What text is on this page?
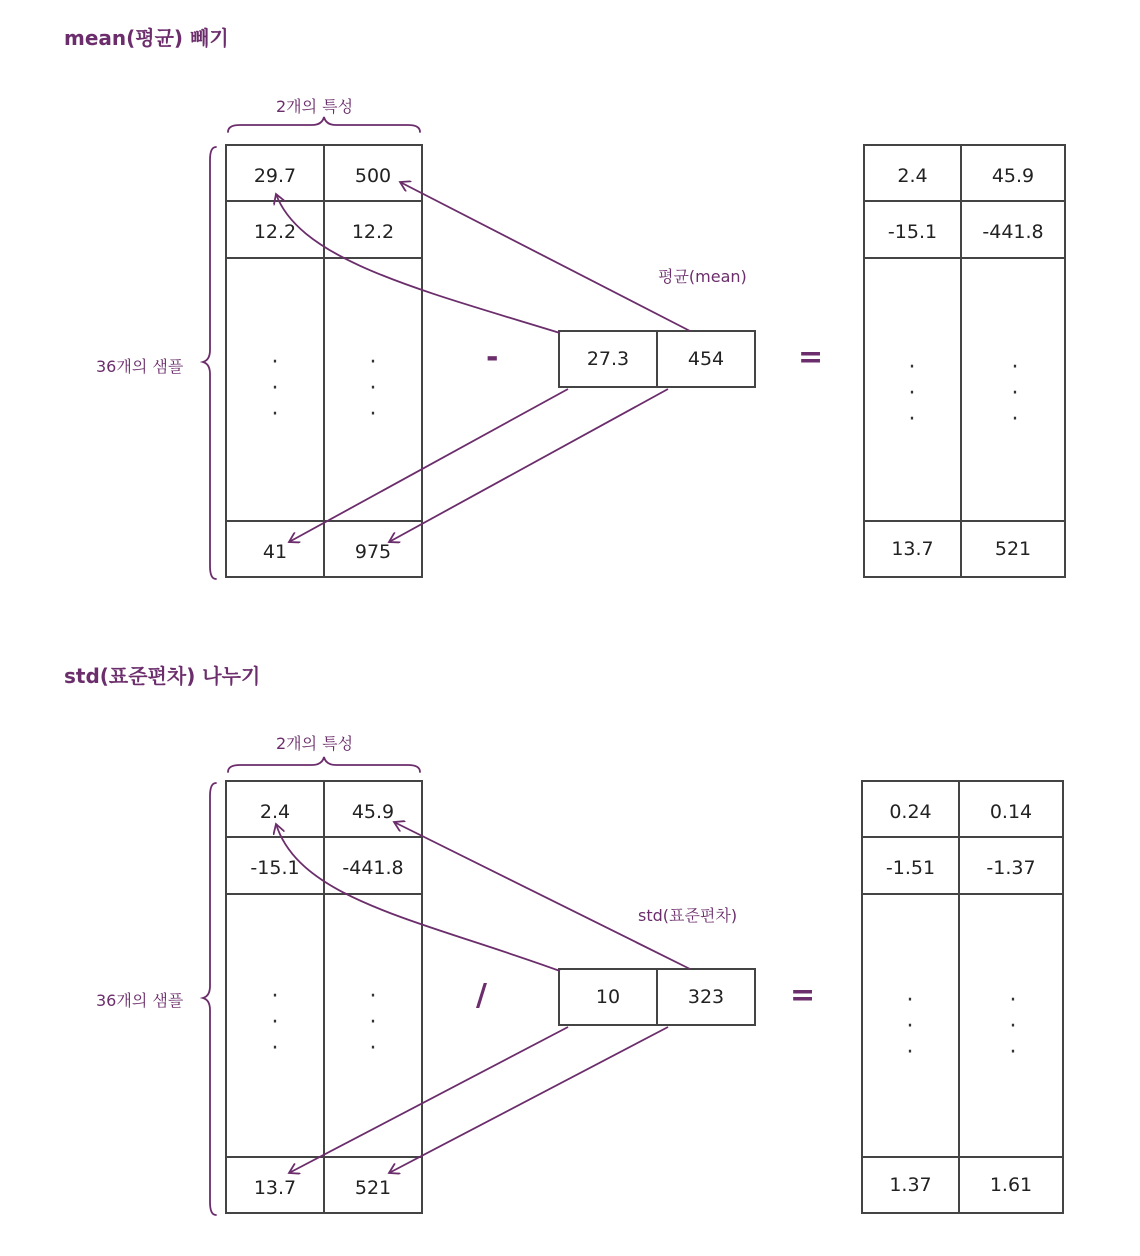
mean(평균) 빼기
2개의 특성
36개의 샘플
평균(mean)
-	=
29.7	500
12.2	12.2
·
·
·
·
·
·
41	975
27.3	454
2.4	45.9
-15.1	-441.8
·
·
·
·
·
·
13.7	521
std(표준편차) 나누기
2개의 특성
36개의 샘플
std(표준편차)
/	=
2.4	45.9
-15.1	-441.8
·
·
·
·
·
·
13.7	521
10	323
0.24	0.14
-1.51	-1.37
·
·
·
·
·
·
1.37	1.61
